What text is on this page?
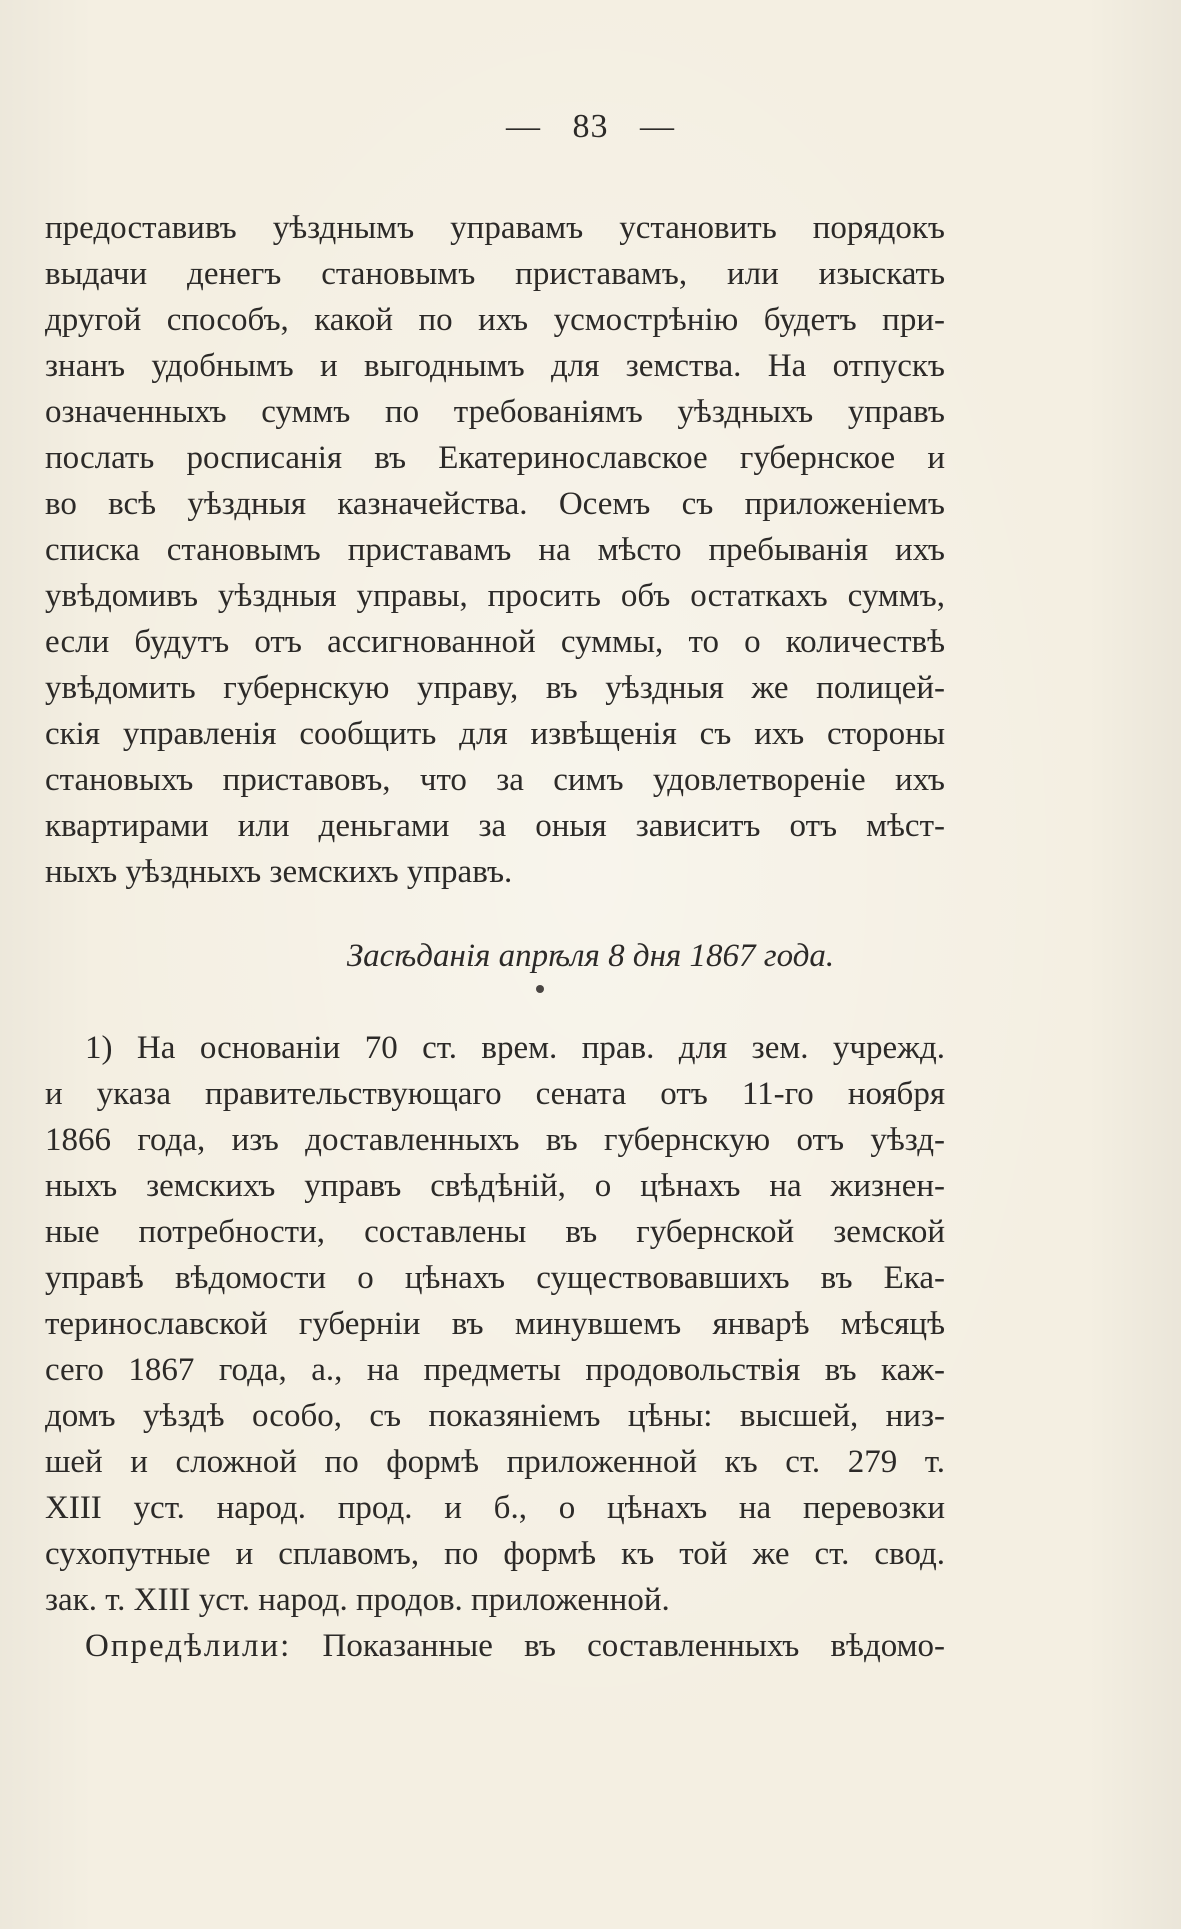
— 83 —
предоставивъ уѣзднымъ управамъ установить порядокъ
выдачи денегъ становымъ приставамъ, или изыскать
другой способъ, какой по ихъ усмострѣнію будетъ при-
знанъ удобнымъ и выгоднымъ для земства. На отпускъ
означенныхъ суммъ по требованіямъ уѣздныхъ управъ
послать росписанія въ Екатеринославское губернское и
во всѣ уѣздныя казначейства. Осемъ съ приложеніемъ
списка становымъ приставамъ на мѣсто пребыванія ихъ
увѣдомивъ уѣздныя управы, просить объ остаткахъ суммъ,
если будутъ отъ ассигнованной суммы, то о количествѣ
увѣдомить губернскую управу, въ уѣздныя же полицей-
скія управленія сообщить для извѣщенія съ ихъ стороны
становыхъ приставовъ, что за симъ удовлетвореніе ихъ
квартирами или деньгами за оныя зависитъ отъ мѣст-
ныхъ уѣздныхъ земскихъ управъ.
Засѣданія апрѣля 8 дня 1867 года.
1) На основаніи 70 ст. врем. прав. для зем. учрежд.
и указа правительствующаго сената отъ 11-го ноября
1866 года, изъ доставленныхъ въ губернскую отъ уѣзд-
ныхъ земскихъ управъ свѣдѣній, о цѣнахъ на жизнен-
ные потребности, составлены въ губернской земской
управѣ вѣдомости о цѣнахъ существовавшихъ въ Ека-
теринославской губерніи въ минувшемъ январѣ мѣсяцѣ
сего 1867 года, а., на предметы продовольствія въ каж-
домъ уѣздѣ особо, съ показяніемъ цѣны: высшей, низ-
шей и сложной по формѣ приложенной къ ст. 279 т.
XIII уст. народ. прод. и б., о цѣнахъ на перевозки
сухопутные и сплавомъ, по формѣ къ той же ст. свод.
зак. т. XIII уст. народ. продов. приложенной.
Опредѣлили: Показанные въ составленныхъ вѣдомо-
